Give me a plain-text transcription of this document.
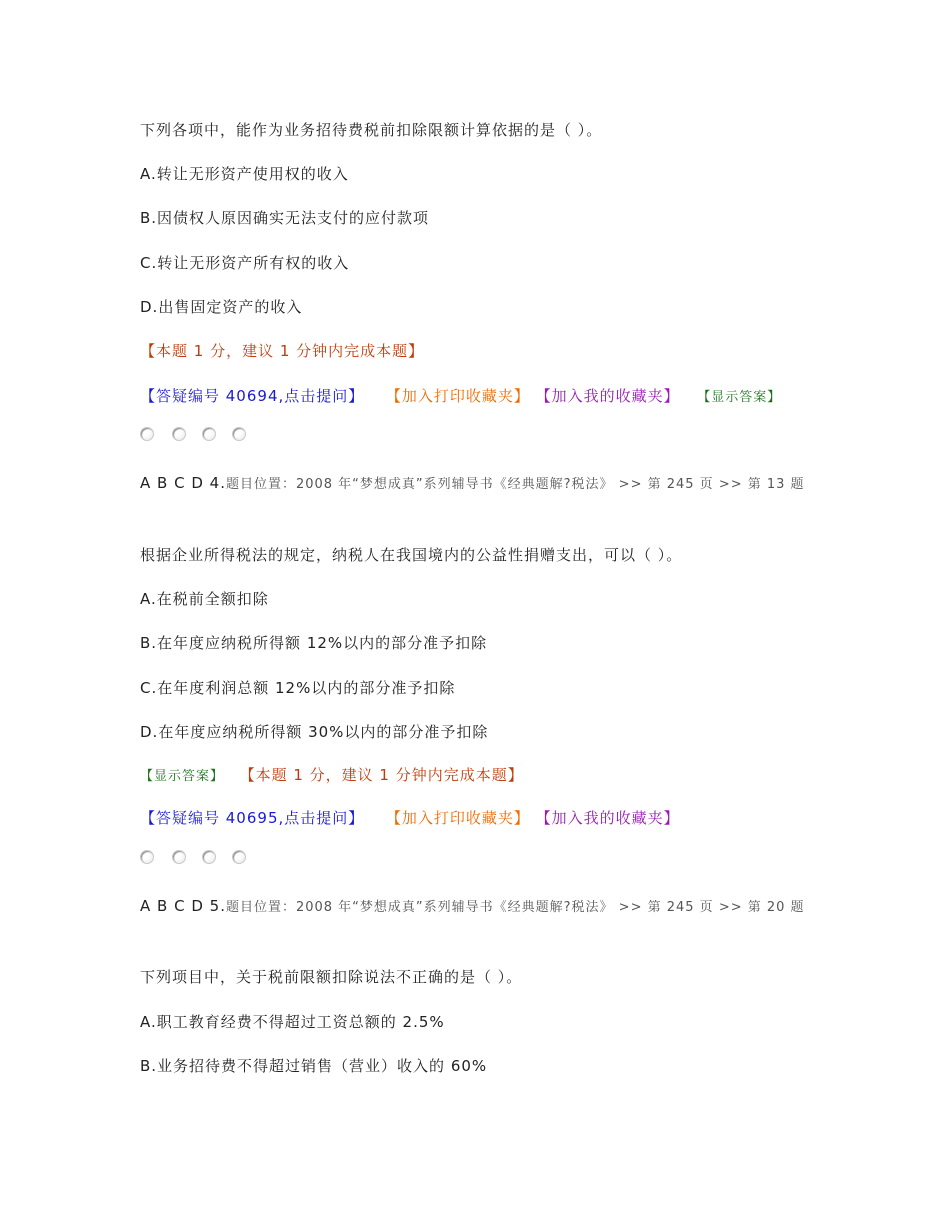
下列各项中，能作为业务招待费税前扣除限额计算依据的是（ ）。
A.转让无形资产使用权的收入
B.因债权人原因确实无法支付的应付款项
C.转让无形资产所有权的收入
D.出售固定资产的收入
【本题 1 分，建议 1 分钟内完成本题】
【答疑编号 40694,点击提问】 【加入打印收藏夹】 【加入我的收藏夹】 【显示答案】
A B C D 4.题目位置：2008 年“梦想成真”系列辅导书《经典题解?税法》 >> 第 245 页 >> 第 13 题
根据企业所得税法的规定，纳税人在我国境内的公益性捐赠支出，可以（ ）。
A.在税前全额扣除
B.在年度应纳税所得额 12%以内的部分准予扣除
C.在年度利润总额 12%以内的部分准予扣除
D.在年度应纳税所得额 30%以内的部分准予扣除
【显示答案】 【本题 1 分，建议 1 分钟内完成本题】
【答疑编号 40695,点击提问】 【加入打印收藏夹】 【加入我的收藏夹】
A B C D 5.题目位置：2008 年“梦想成真”系列辅导书《经典题解?税法》 >> 第 245 页 >> 第 20 题
下列项目中，关于税前限额扣除说法不正确的是（ ）。
A.职工教育经费不得超过工资总额的 2.5%
B.业务招待费不得超过销售（营业）收入的 60%
